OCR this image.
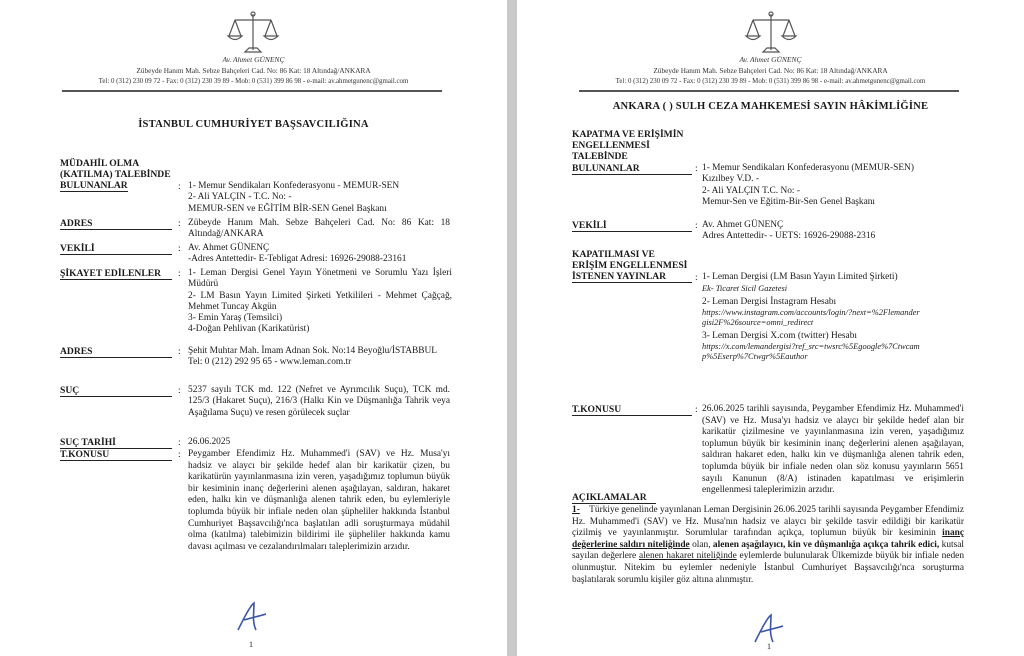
Av. Ahmet GÜNENÇ
Zübeyde Hanım Mah. Sebze Bahçeleri Cad. No: 86 Kat: 18 Altındağ/ANKARA
Tel: 0 (312) 230 09 72 - Fax: 0 (312) 230 39 89 - Mob: 0 (531) 399 86 98 - e-mail: av.ahmetgunenc@gmail.com
İSTANBUL CUMHURİYET BAŞSAVCILIĞINA
MÜDAHİL OLMA
(KATILMA) TALEBİNDE
BULUNANLAR	: 1- Memur Sendikaları Konfederasyonu - MEMUR-SEN
2- Ali YALÇIN - T.C. No: -
MEMUR-SEN ve EĞİTİM BİR-SEN Genel Başkanı
ADRES	: Zübeyde Hanım Mah. Sebze Bahçeleri Cad. No: 86 Kat: 18 Altındağ/ANKARA
VEKİLİ	: Av. Ahmet GÜNENÇ
-Adres Antettedir- E-Tebligat Adresi: 16926-29088-23161
ŞİKAYET EDİLENLER	: 1- Leman Dergisi Genel Yayın Yönetmeni ve Sorumlu Yazı İşleri Müdürü
2- LM Basın Yayın Limited Şirketi Yetkilileri - Mehmet Çağçağ, Mehmet Tuncay Akgün
3- Emin Yaraş (Temsilci)
4-Doğan Pehlivan (Karikatürist)
ADRES	: Şehit Muhtar Mah. İmam Adnan Sok. No:14 Beyoğlu/İSTABBUL
Tel: 0 (212) 292 95 65 - www.leman.com.tr
SUÇ	: 5237 sayılı TCK md. 122 (Nefret ve Ayrımcılık Suçu), TCK md. 125/3 (Hakaret Suçu), 216/3 (Halkı Kin ve Düşmanlığa Tahrik veya Aşağılama Suçu) ve resen görülecek suçlar
SUÇ TARİHİ	: 26.06.2025
T.KONUSU	: Peygamber Efendimiz Hz. Muhammed'i (SAV) ve Hz. Musa'yı hadsiz ve alaycı bir şekilde hedef alan bir karikatür çizen, bu karikatürün yayınlanmasına izin veren, yaşadığımız toplumun büyük bir kesiminin inanç değerlerini alenen aşağılayan, saldıran, hakaret eden, halkı kin ve düşmanlığa alenen tahrik eden, bu eylemleriyle toplumda büyük bir infiale neden olan şüpheliler hakkında İstanbul Cumhuriyet Başsavcılığı'nca başlatılan adli soruşturmaya müdahil olma (katılma) talebimizin bildirimi ile şüpheliler hakkında kamu davası açılması ve cezalandırılmaları taleplerimizin arzıdır.
1
Av. Ahmet GÜNENÇ
Zübeyde Hanım Mah. Sebze Bahçeleri Cad. No: 86 Kat: 18 Altındağ/ANKARA
Tel: 0 (312) 230 09 72 - Fax: 0 (312) 230 39 89 - Mob: 0 (531) 399 86 98 - e-mail: av.ahmetgunenc@gmail.com
ANKARA ( ) SULH CEZA MAHKEMESİ SAYIN HÂKİMLİĞİNE
KAPATMA VE ERİŞİMİN
ENGELLENMESİ
TALEBİNDE
BULUNANLAR	: 1- Memur Sendikaları Konfederasyonu (MEMUR-SEN)
Kızılbey V.D. -
2- Ali YALÇIN T.C. No: -
Memur-Sen ve Eğitim-Bir-Sen Genel Başkanı
VEKİLİ	: Av. Ahmet GÜNENÇ
Adres Antettedir- - UETS: 16926-29088-2316
KAPATILMASI VE
ERİŞİM ENGELLENMESİ
İSTENEN YAYINLAR	: 1- Leman Dergisi (LM Basın Yayın Limited Şirketi)
Ek- Ticaret Sicil Gazetesi
2- Leman Dergisi İnstagram Hesabı
https://www.instagram.com/accounts/login/?next=%2Flemandergisi2F%26source=omni_redirect
3- Leman Dergisi X.com (twitter) Hesabı
https://x.com/lemandergisi?ref_src=twsrc%5Egoogle%7Ctwcamp%5Eserp%7Ctwgr%5Eauthor
T.KONUSU	: 26.06.2025 tarihli sayısında, Peygamber Efendimiz Hz. Muhammed'i (SAV) ve Hz. Musa'yı hadsiz ve alaycı bir şekilde hedef alan bir karikatür çizilmesine ve yayınlanmasına izin veren, yaşadığımız toplumun büyük bir kesiminin inanç değerlerini alenen aşağılayan, saldıran hakaret eden, halkı kin ve düşmanlığa alenen tahrik eden, toplumda büyük bir infiale neden olan söz konusu yayınların 5651 sayılı Kanunun (8/A) istinaden kapatılması ve erişimlerin engellenmesi taleplerimizin arzıdır.
AÇIKLAMALAR
1- Türkiye genelinde yayınlanan Leman Dergisinin 26.06.2025 tarihli sayısında Peygamber Efendimiz Hz. Muhammed'i (SAV) ve Hz. Musa'nın hadsiz ve alaycı bir şekilde tasvir edildiği bir karikatür çizilmiş ve yayınlanmıştır. Sorumlular tarafından açıkça, toplumun büyük bir kesiminin inanç değerlerine saldırı niteliğinde olan, alenen aşağılayıcı, kin ve düşmanlığa açıkça tahrik edici, kutsal sayılan değerlere alenen hakaret niteliğinde eylemlerde bulunularak Ülkemizde büyük bir infiale neden olunmuştur. Nitekim bu eylemler nedeniyle İstanbul Cumhuriyet Başsavcılığı'nca soruşturma başlatılarak sorumlu kişiler göz altına alınmıştır.
1
